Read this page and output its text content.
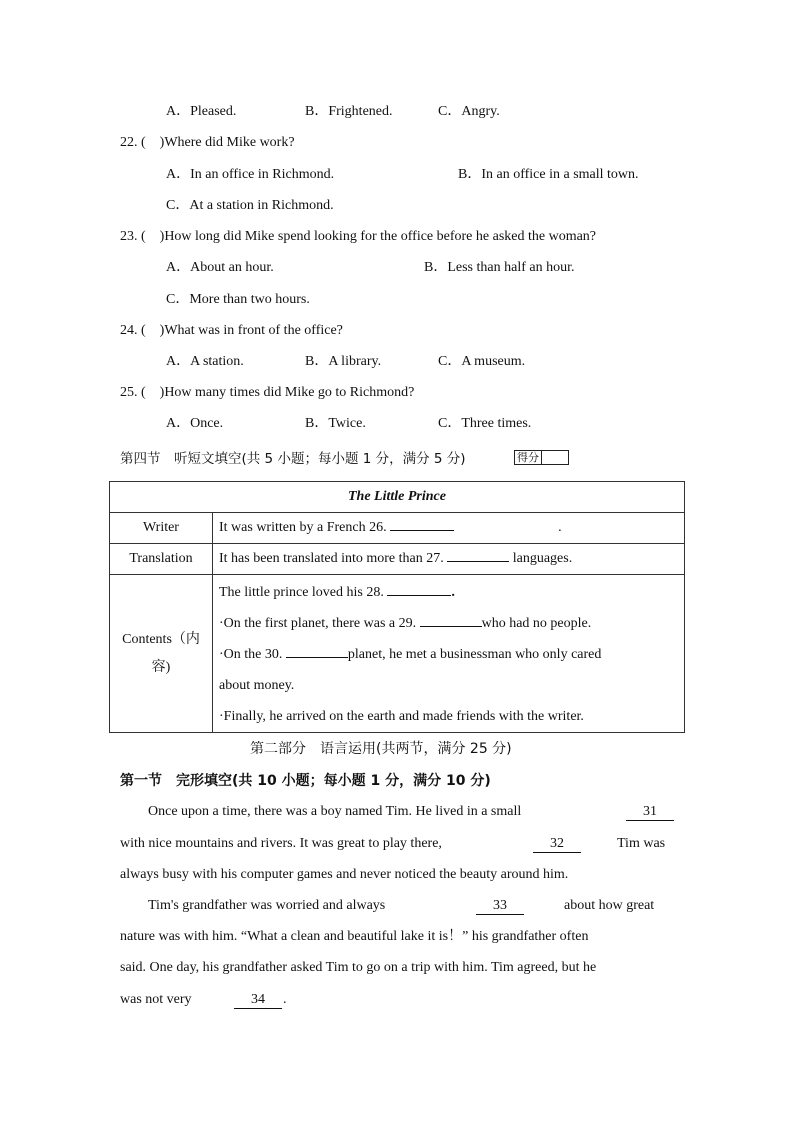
A．Pleased.	B．Frightened.	C．Angry.
22. (　)Where did Mike work?
A．In an office in Richmond.	B．In an office in a small town.
C．At a station in Richmond.
23. (　)How long did Mike spend looking for the office before he asked the woman?
A．About an hour.	B．Less than half an hour.
C．More than two hours.
24. (　)What was in front of the office?
A．A station.	B．A library.	C．A museum.
25. (　)How many times did Mike go to Richmond?
A．Once.	B．Twice.	C．Three times.
第四节　听短文填空(共 5 小题；每小题 1 分，满分 5 分)	得分
The Little Prince	
Writer	It was written by a French 26. .
Translation	It has been translated into more than 27. languages.
Contents（内容)	The little prince loved his 28. .
·On the first planet, there was a 29. who had no people.
·On the 30. planet, he met a businessman who only cared
about money.
·Finally, he arrived on the earth and made friends with the writer.
第二部分　语言运用(共两节，满分 25 分)
第一节　完形填空(共 10 小题；每小题 1 分，满分 10 分)
Once upon a time, there was a boy named Tim. He lived in a small	31
with nice mountains and rivers. It was great to play there,	32	Tim was
always busy with his computer games and never noticed the beauty around him.
Tim's grandfather was worried and always	33	about how great
nature was with him. “What a clean and beautiful lake it is！” his grandfather often
said. One day, his grandfather asked Tim to go on a trip with him. Tim agreed, but he
was not very	34	.
